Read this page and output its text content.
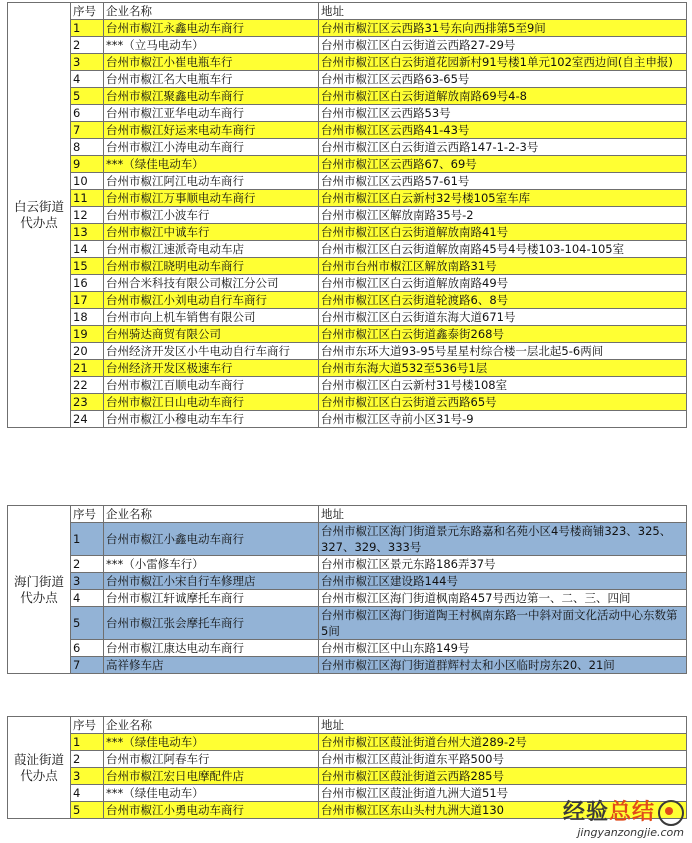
白云街道代办点	序号	企业名称	地址
	1	台州市椒江永鑫电动车商行	台州市椒江区云西路31号东向西排第5至9间
	2	***（立马电动车）	台州市椒江区白云街道云西路27-29号
	3	台州市椒江小崔电瓶车行	台州市椒江区白云街道花园新村91号楼1单元102室西边间(自主申报)
	4	台州市椒江名大电瓶车行	台州市椒江区云西路63-65号
	5	台州市椒江聚鑫电动车商行	台州市椒江区白云街道解放南路69号4-8
	6	台州市椒江亚华电动车商行	台州市椒江区云西路53号
	7	台州市椒江好运来电动车商行	台州市椒江区云西路41-43号
	8	台州市椒江小涛电动车商行	台州市椒江区白云街道云西路147-1-2-3号
	9	***（绿佳电动车）	台州市椒江区云西路67、69号
	10	台州市椒江阿江电动车商行	台州市椒江区云西路57-61号
	11	台州市椒江万事顺电动车商行	台州市椒江区白云新村32号楼105室车库
	12	台州市椒江小波车行	台州市椒江区解放南路35号-2
	13	台州市椒江中诚车行	台州市椒江区白云街道解放南路41号
	14	台州市椒江速派奇电动车店	台州市椒江区白云街道解放南路45号4号楼103-104-105室
	15	台州市椒江晓明电动车商行	台州市台州市椒江区解放南路31号
	16	台州合米科技有限公司椒江分公司	台州市椒江区白云街道解放南路49号
	17	台州市椒江小刘电动自行车商行	台州市椒江区白云街道轮渡路6、8号
	18	台州市向上机车销售有限公司	台州市椒江区白云街道东海大道671号
	19	台州骑达商贸有限公司	台州市椒江区白云街道鑫泰街268号
	20	台州经济开发区小牛电动自行车商行	台州市东环大道93-95号星星村综合楼一层北起5-6两间
	21	台州经济开发区极速车行	台州市东海大道532至536号1层
	22	台州市椒江百顺电动车商行	台州市椒江区白云新村31号楼108室
	23	台州市椒江日山电动车商行	台州市椒江区白云街道云西路65号
	24	台州市椒江小穆电动车车行	台州市椒江区寺前小区31号-9
海门街道代办点	序号	企业名称	地址
	1	台州市椒江小鑫电动车商行	台州市椒江区海门街道景元东路嘉和名苑小区4号楼商铺323、325、327、329、333号
	2	***（小雷修车行）	台州市椒江区景元东路186弄37号
	3	台州市椒江小宋自行车修理店	台州市椒江区建设路144号
	4	台州市椒江轩诚摩托车商行	台州市椒江区海门街道枫南路457号西边第一、二、三、四间
	5	台州市椒江张会摩托车商行	台州市椒江区海门街道陶王村枫南东路一中斜对面文化活动中心东数第5间
	6	台州市椒江康达电动车商行	台州市椒江区中山东路149号
	7	高祥修车店	台州市椒江区海门街道群辉村太和小区临时房东20、21间
葭沚街道代办点	序号	企业名称	地址
	1	***（绿佳电动车）	台州市椒江区葭沚街道台州大道289-2号
	2	台州市椒江阿春车行	台州市椒江区葭沚街道东平路500号
	3	台州市椒江宏日电摩配件店	台州市椒江区葭沚街道云西路285号
	4	***（绿佳电动车）	台州市椒江区葭沚街道九洲大道51号
	5	台州市椒江小勇电动车商行	台州市椒江区东山头村九洲大道130	经验总结
jingyanzongjie.com
